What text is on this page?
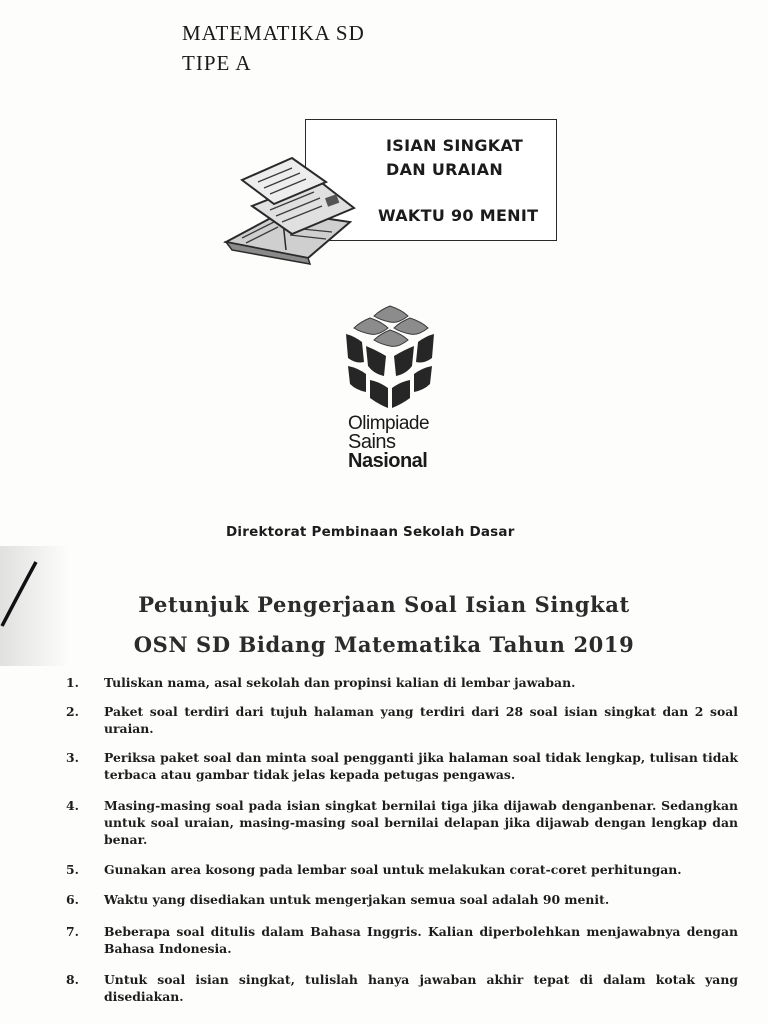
MATEMATIKA SD
TIPE A
ISIAN SINGKAT
DAN URAIAN
WAKTU 90 MENIT
Olimpiade
Sains
Nasional
Direktorat Pembinaan Sekolah Dasar
Petunjuk Pengerjaan Soal Isian Singkat
OSN SD Bidang Matematika Tahun 2019
1. Tuliskan nama, asal sekolah dan propinsi kalian di lembar jawaban.
2. Paket soal terdiri dari tujuh halaman yang terdiri dari 28 soal isian singkat dan 2 soal uraian.
3. Periksa paket soal dan minta soal pengganti jika halaman soal tidak lengkap, tulisan tidak terbaca atau gambar tidak jelas kepada petugas pengawas.
4. Masing-masing soal pada isian singkat bernilai tiga jika dijawab denganbenar. Sedangkan untuk soal uraian, masing-masing soal bernilai delapan jika dijawab dengan lengkap dan benar.
5. Gunakan area kosong pada lembar soal untuk melakukan corat-coret perhitungan.
6. Waktu yang disediakan untuk mengerjakan semua soal adalah 90 menit.
7. Beberapa soal ditulis dalam Bahasa Inggris. Kalian diperbolehkan menjawabnya dengan Bahasa Indonesia.
8. Untuk soal isian singkat, tulislah hanya jawaban akhir tepat di dalam kotak yang disediakan.
